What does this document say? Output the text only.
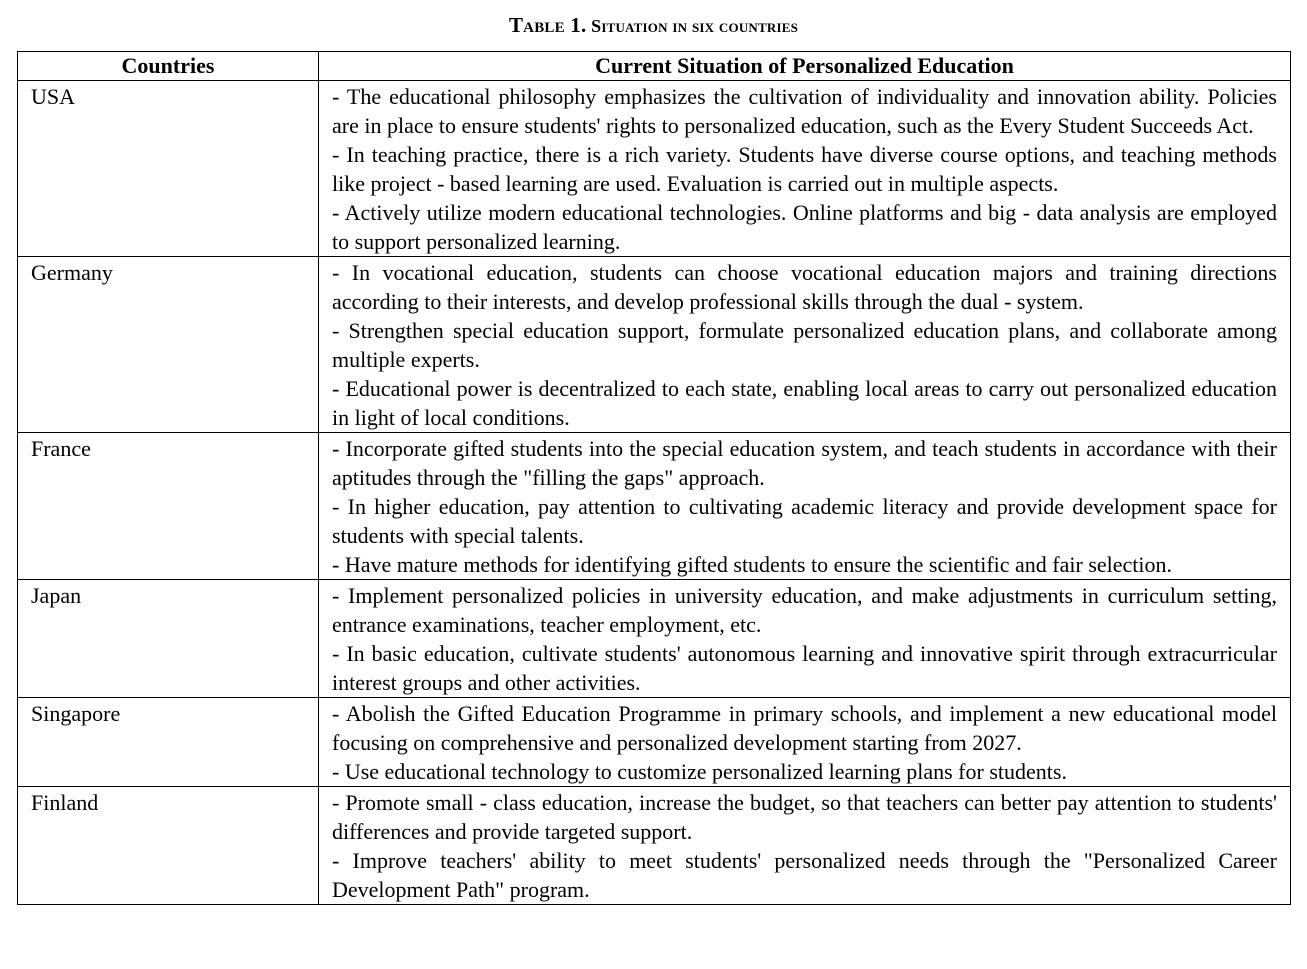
Table 1. Situation in six countries
Countries	Current Situation of Personalized Education
USA	- The educational philosophy emphasizes the cultivation of individuality and innovation ability. Policies are in place to ensure students' rights to personalized education, such as the Every Student Succeeds Act.

- In teaching practice, there is a rich variety. Students have diverse course options, and teaching methods like project - based learning are used. Evaluation is carried out in multiple aspects.

- Actively utilize modern educational technologies. Online platforms and big - data analysis are employed to support personalized learning.

Germany	- In vocational education, students can choose vocational education majors and training directions according to their interests, and develop professional skills through the dual - system.

- Strengthen special education support, formulate personalized education plans, and collaborate among multiple experts.

- Educational power is decentralized to each state, enabling local areas to carry out personalized education in light of local conditions.

France	- Incorporate gifted students into the special education system, and teach students in accordance with their aptitudes through the "filling the gaps" approach.

- In higher education, pay attention to cultivating academic literacy and provide development space for students with special talents.

- Have mature methods for identifying gifted students to ensure the scientific and fair selection.

Japan	- Implement personalized policies in university education, and make adjustments in curriculum setting, entrance examinations, teacher employment, etc.

- In basic education, cultivate students' autonomous learning and innovative spirit through extracurricular interest groups and other activities.

Singapore	- Abolish the Gifted Education Programme in primary schools, and implement a new educational model focusing on comprehensive and personalized development starting from 2027.

- Use educational technology to customize personalized learning plans for students.

Finland	- Promote small - class education, increase the budget, so that teachers can better pay attention to students' differences and provide targeted support.

- Improve teachers' ability to meet students' personalized needs through the "Personalized Career Development Path" program.
